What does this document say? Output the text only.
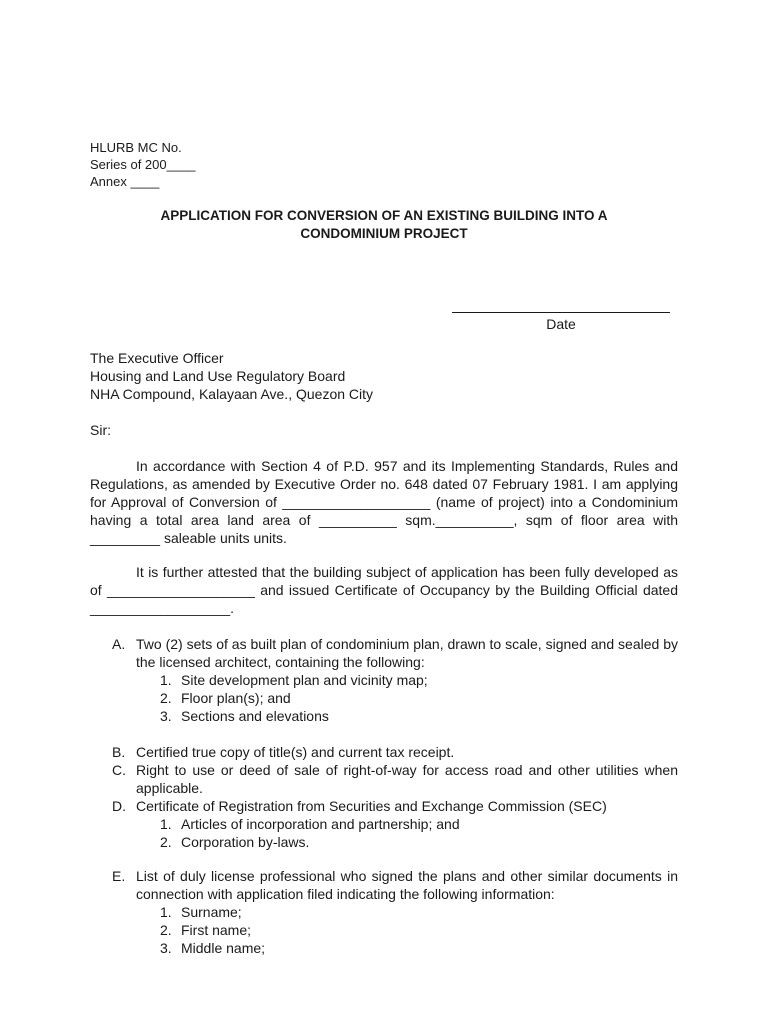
HLURB MC No.
Series of 200____
Annex ____
APPLICATION FOR CONVERSION OF AN EXISTING BUILDING INTO A
CONDOMINIUM PROJECT
Date
The Executive Officer
Housing and Land Use Regulatory Board
NHA Compound, Kalayaan Ave., Quezon City
Sir:
In accordance with Section 4 of P.D. 957 and its Implementing Standards, Rules and Regulations, as amended by Executive Order no. 648 dated 07 February 1981. I am applying for Approval of Conversion of ___________________ (name of project) into a Condominium having a total area land area of __________ sqm.__________, sqm of floor area with _________ saleable units units.
It is further attested that the building subject of application has been fully developed as of ___________________ and issued Certificate of Occupancy by the Building Official dated __________________.
A. Two (2) sets of as built plan of condominium plan, drawn to scale, signed and sealed by the licensed architect, containing the following:
1. Site development plan and vicinity map;
2. Floor plan(s); and
3. Sections and elevations
B. Certified true copy of title(s) and current tax receipt.
C. Right to use or deed of sale of right-of-way for access road and other utilities when applicable.
D. Certificate of Registration from Securities and Exchange Commission (SEC)
1. Articles of incorporation and partnership; and
2. Corporation by-laws.
E. List of duly license professional who signed the plans and other similar documents in connection with application filed indicating the following information:
1. Surname;
2. First name;
3. Middle name;
